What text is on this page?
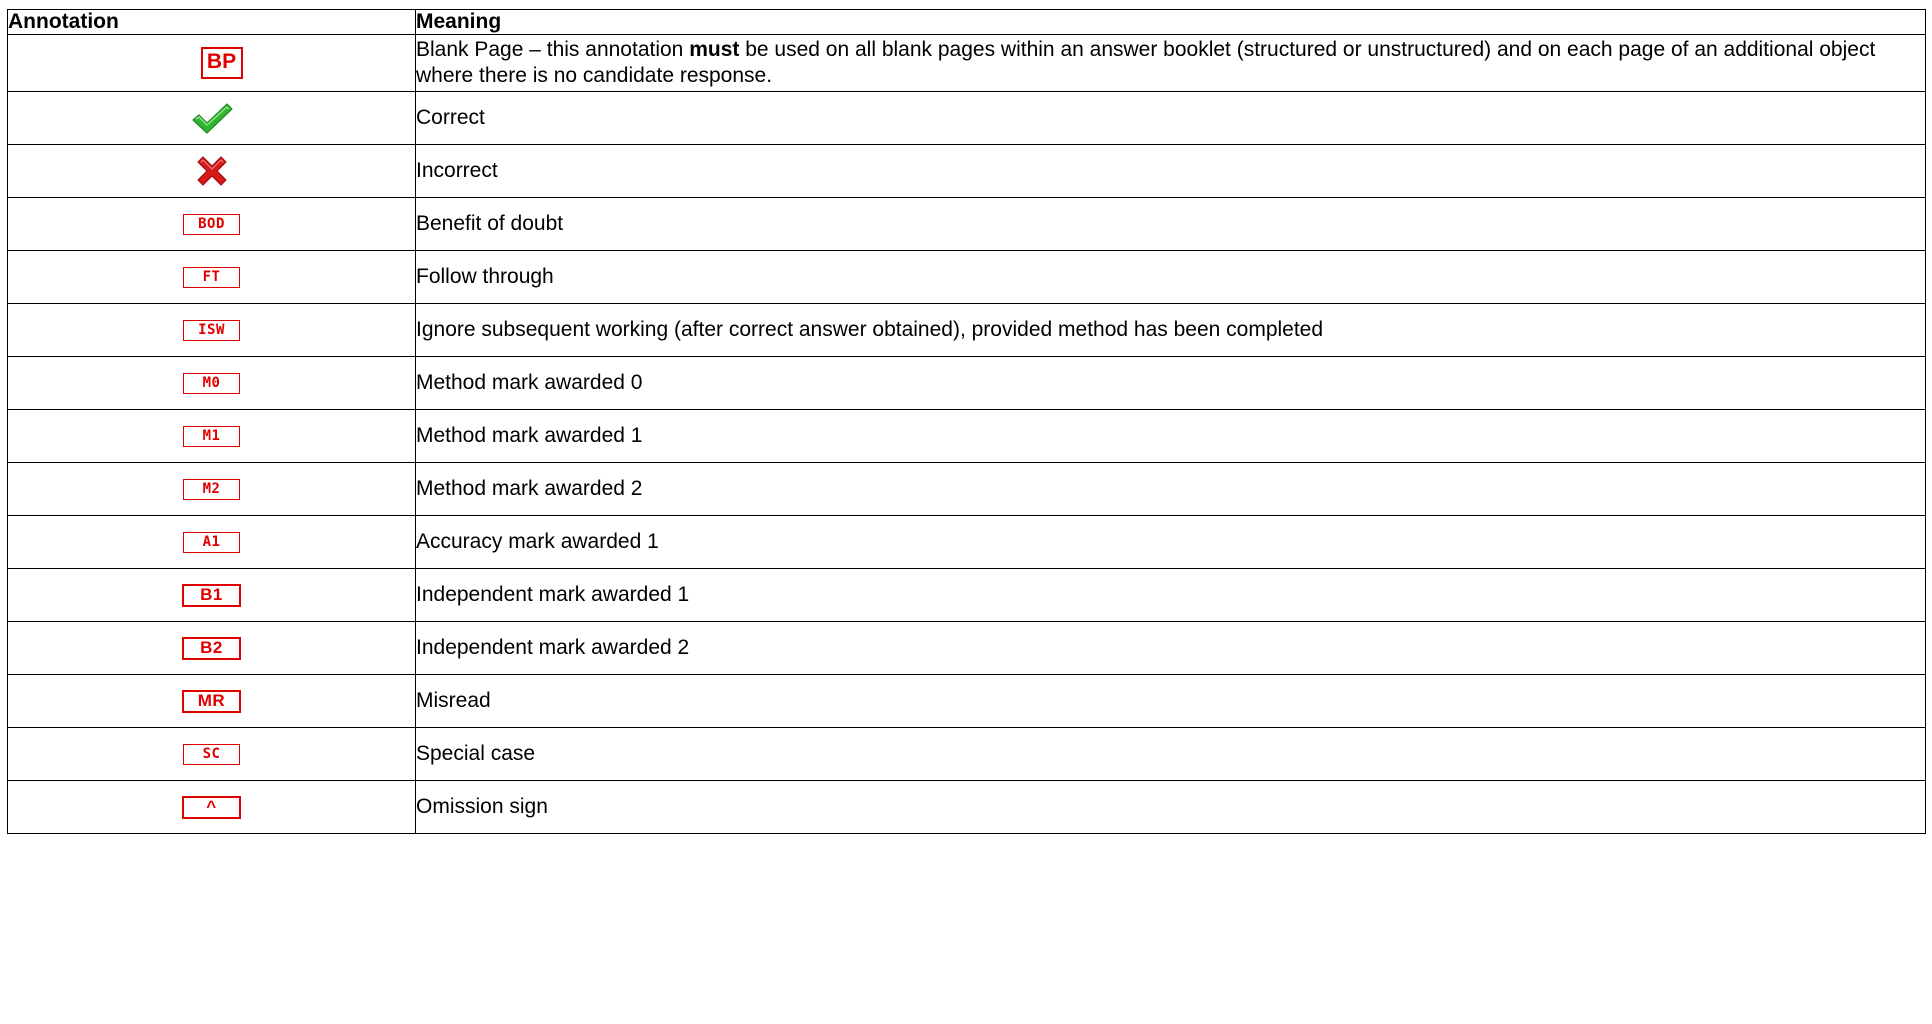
Annotation	Meaning
BP	Blank Page – this annotation must be used on all blank pages within an answer booklet (structured or unstructured) and on each page of an additional object where there is no candidate response.
	Correct
	Incorrect
BOD	Benefit of doubt
FT	Follow through
ISW	Ignore subsequent working (after correct answer obtained), provided method has been completed
M0	Method mark awarded 0
M1	Method mark awarded 1
M2	Method mark awarded 2
A1	Accuracy mark awarded 1
B1	Independent mark awarded 1
B2	Independent mark awarded 2
MR	Misread
SC	Special case
^	Omission sign
